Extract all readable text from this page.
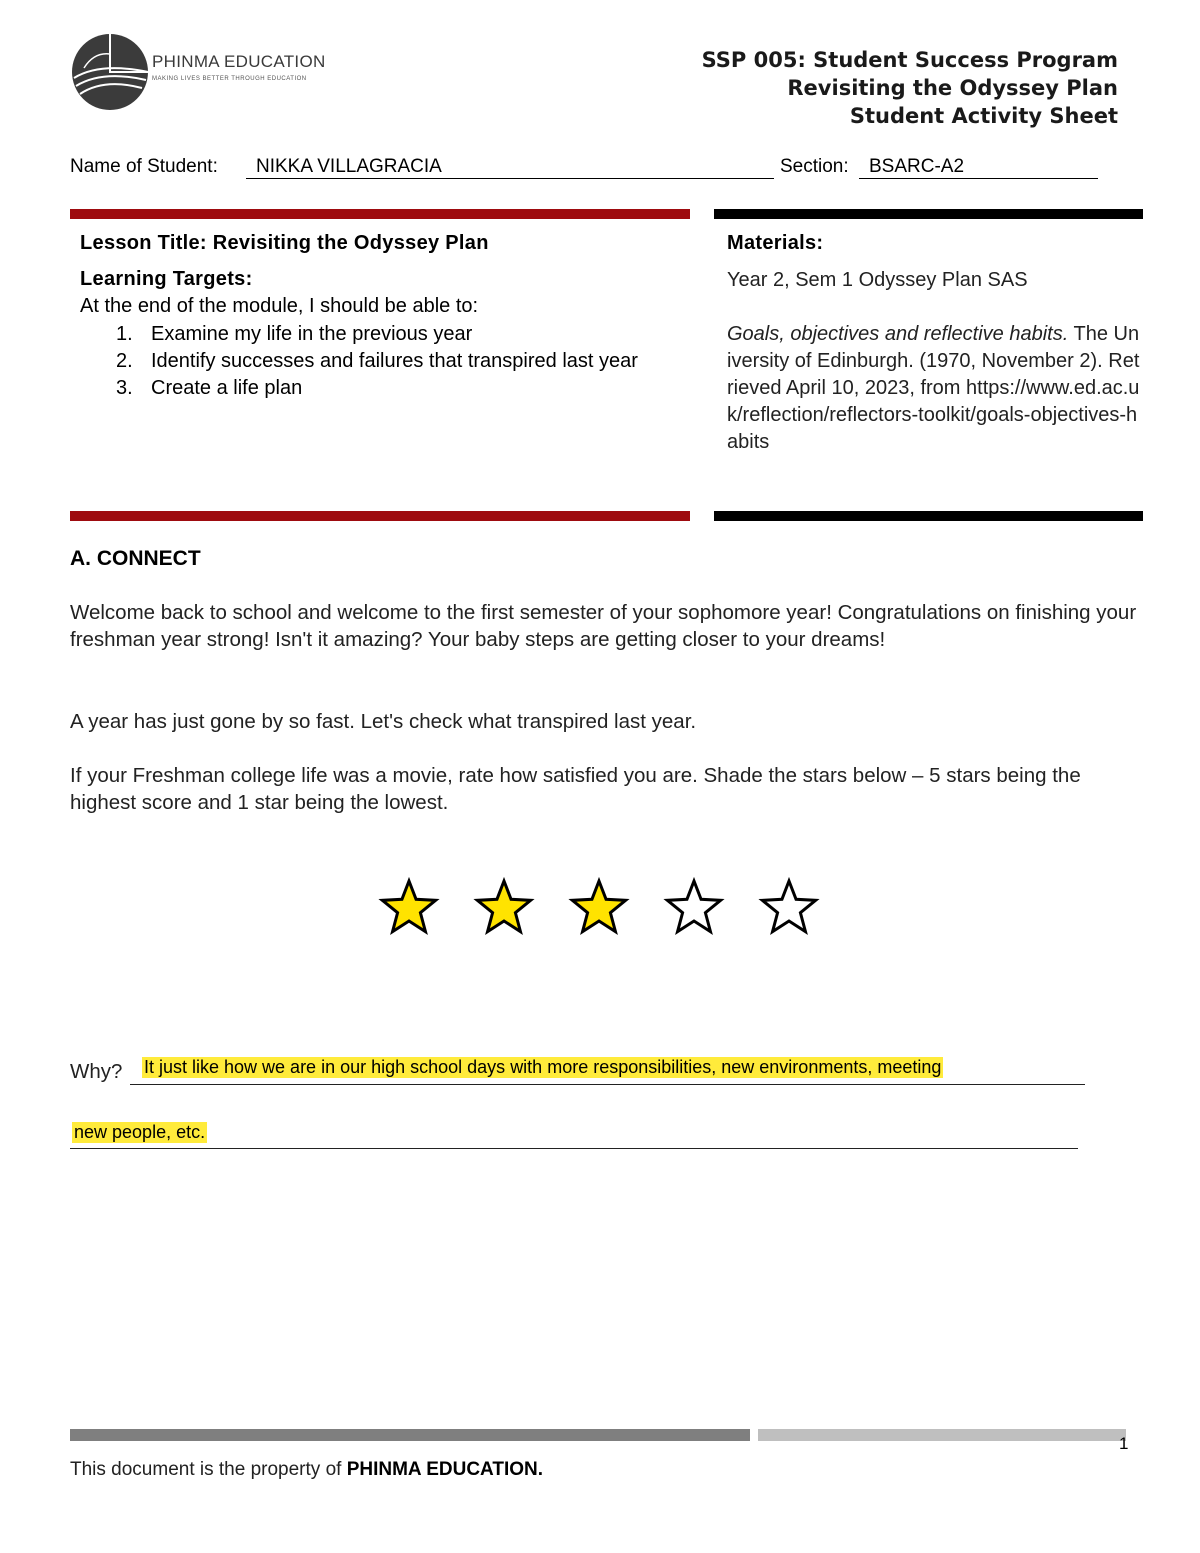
PHINMA EDUCATION
MAKING LIVES BETTER THROUGH EDUCATION
SSP 005: Student Success Program
Revisiting the Odyssey Plan
Student Activity Sheet
Name of Student:	NIKKA VILLAGRACIA	Section:	BSARC-A2
Lesson Title: Revisiting the Odyssey Plan
Learning Targets:
At the end of the module, I should be able to:
1. Examine my life in the previous year
2. Identify successes and failures that transpired last year
3. Create a life plan
Materials:
Year 2, Sem 1 Odyssey Plan SAS
Goals, objectives and reflective habits. The University of Edinburgh. (1970, November 2). Retrieved April 10, 2023, from https://www.ed.ac.uk/reflection/reflectors-toolkit/goals-objectives-habits
A. CONNECT
Welcome back to school and welcome to the first semester of your sophomore year! Congratulations on finishing your freshman year strong! Isn't it amazing? Your baby steps are getting closer to your dreams!
A year has just gone by so fast. Let's check what transpired last year.
If your Freshman college life was a movie, rate how satisfied you are. Shade the stars below – 5 stars being the highest score and 1 star being the lowest.
Why? It just like how we are in our high school days with more responsibilities, new environments, meeting
new people, etc.
1
This document is the property of PHINMA EDUCATION.
